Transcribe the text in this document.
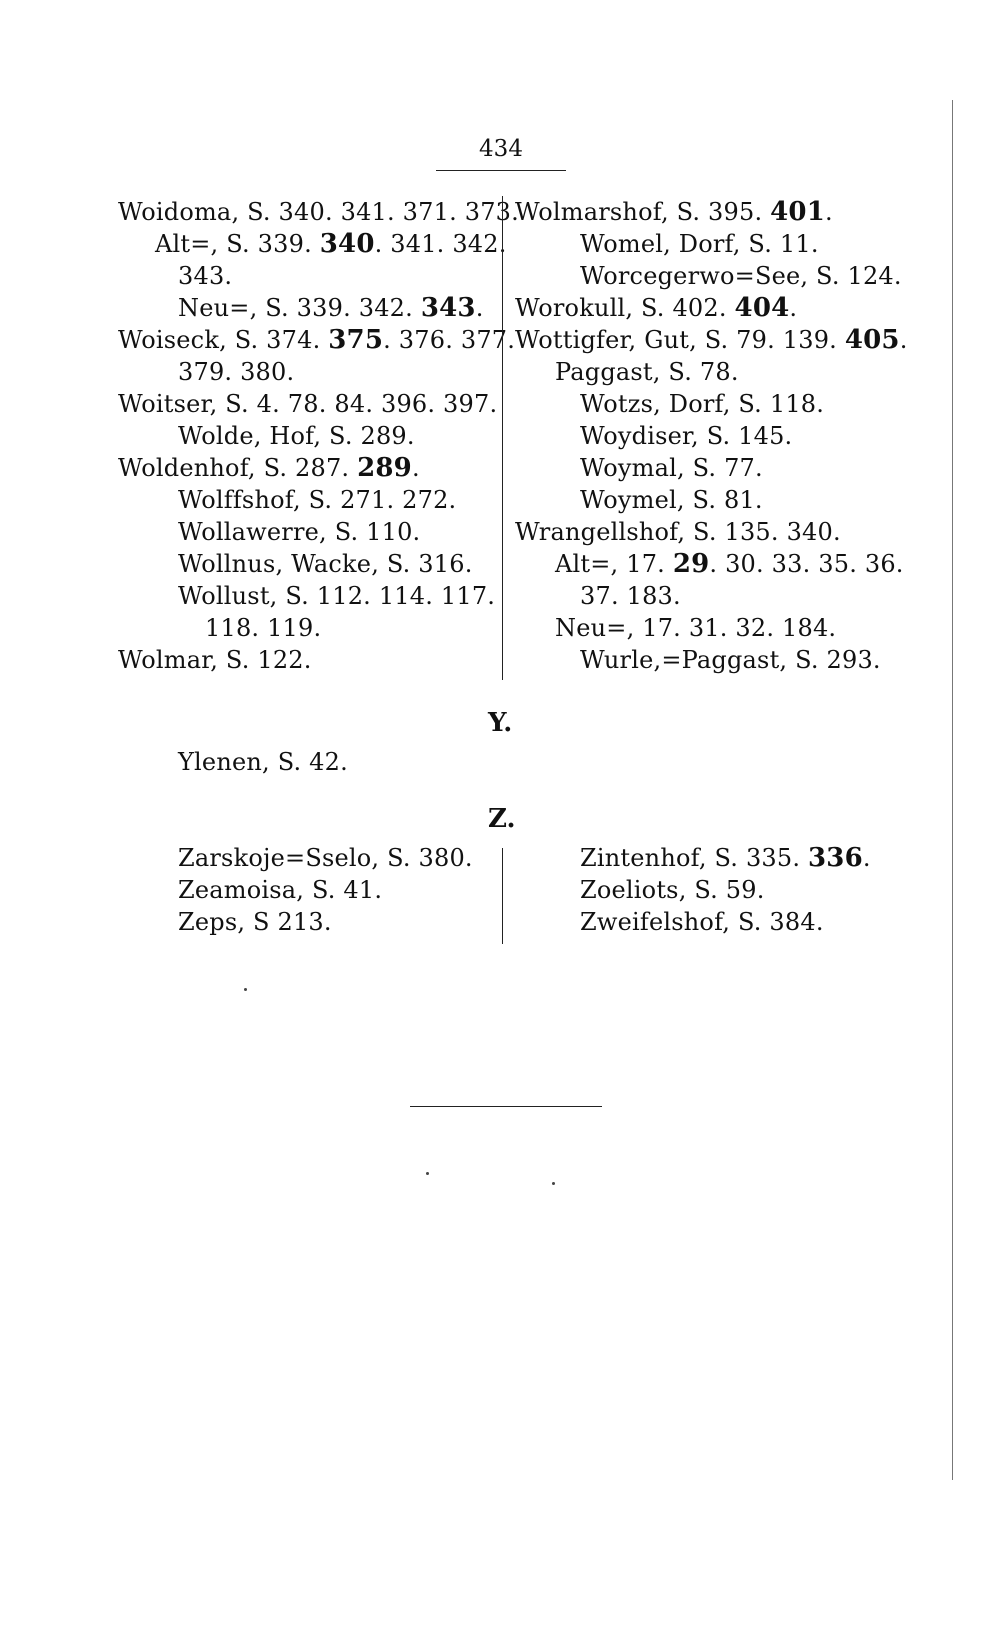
434
Woidoma, S. 340. 341. 371. 373.
Alt=, S. 339. 340. 341. 342.
343.
Neu=, S. 339. 342. 343.
Woiseck, S. 374. 375. 376. 377.
379. 380.
Woitser, S. 4. 78. 84. 396. 397.
Wolde, Hof, S. 289.
Woldenhof, S. 287. 289.
Wolffshof, S. 271. 272.
Wollawerre, S. 110.
Wollnus, Wacke, S. 316.
Wollust, S. 112. 114. 117.
118. 119.
Wolmar, S. 122.
Wolmarshof, S. 395. 401.
Womel, Dorf, S. 11.
Worcegerwo=See, S. 124.
Worokull, S. 402. 404.
Wottigfer, Gut, S. 79. 139. 405.
Paggast, S. 78.
Wotzs, Dorf, S. 118.
Woydiser, S. 145.
Woymal, S. 77.
Woymel, S. 81.
Wrangellshof, S. 135. 340.
Alt=, 17. 29. 30. 33. 35. 36.
37. 183.
Neu=, 17. 31. 32. 184.
Wurle,=Paggast, S. 293.
Y.
Ylenen, S. 42.
Z.
Zarskoje=Sselo, S. 380.
Zeamoisa, S. 41.
Zeps, S 213.
Zintenhof, S. 335. 336.
Zoeliots, S. 59.
Zweifelshof, S. 384.
